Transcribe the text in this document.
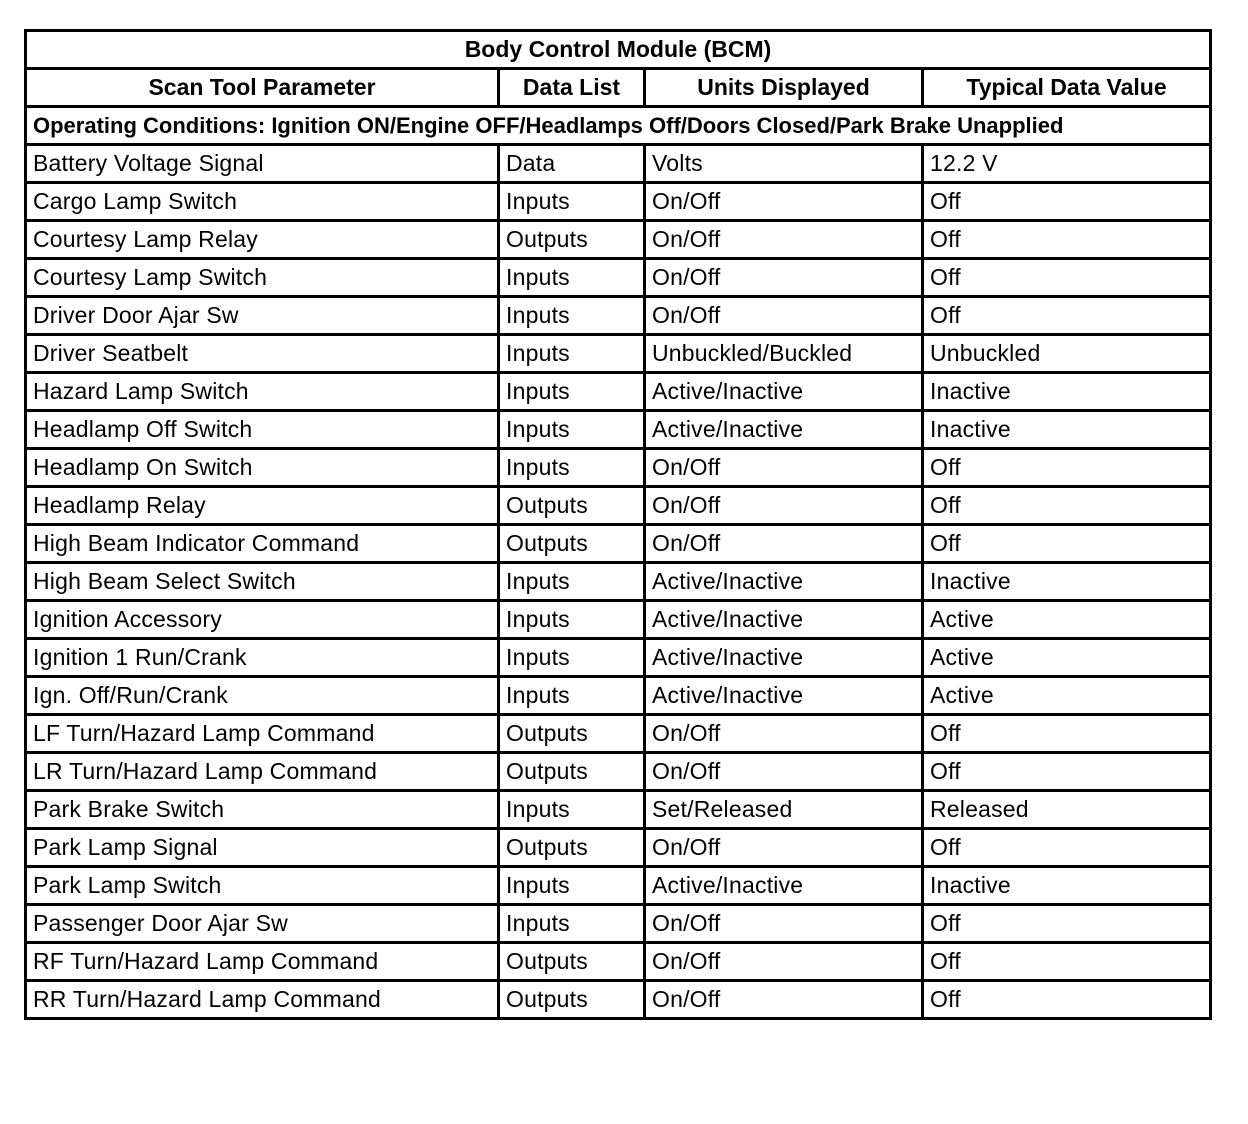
Body Control Module (BCM)			
Scan Tool Parameter	Data List	Units Displayed	Typical Data Value
Operating Conditions: Ignition ON/Engine OFF/Headlamps Off/Doors Closed/Park Brake Unapplied			
Battery Voltage Signal	Data	Volts	12.2 V
Cargo Lamp Switch	Inputs	On/Off	Off
Courtesy Lamp Relay	Outputs	On/Off	Off
Courtesy Lamp Switch	Inputs	On/Off	Off
Driver Door Ajar Sw	Inputs	On/Off	Off
Driver Seatbelt	Inputs	Unbuckled/Buckled	Unbuckled
Hazard Lamp Switch	Inputs	Active/Inactive	Inactive
Headlamp Off Switch	Inputs	Active/Inactive	Inactive
Headlamp On Switch	Inputs	On/Off	Off
Headlamp Relay	Outputs	On/Off	Off
High Beam Indicator Command	Outputs	On/Off	Off
High Beam Select Switch	Inputs	Active/Inactive	Inactive
Ignition Accessory	Inputs	Active/Inactive	Active
Ignition 1 Run/Crank	Inputs	Active/Inactive	Active
Ign. Off/Run/Crank	Inputs	Active/Inactive	Active
LF Turn/Hazard Lamp Command	Outputs	On/Off	Off
LR Turn/Hazard Lamp Command	Outputs	On/Off	Off
Park Brake Switch	Inputs	Set/Released	Released
Park Lamp Signal	Outputs	On/Off	Off
Park Lamp Switch	Inputs	Active/Inactive	Inactive
Passenger Door Ajar Sw	Inputs	On/Off	Off
RF Turn/Hazard Lamp Command	Outputs	On/Off	Off
RR Turn/Hazard Lamp Command	Outputs	On/Off	Off
